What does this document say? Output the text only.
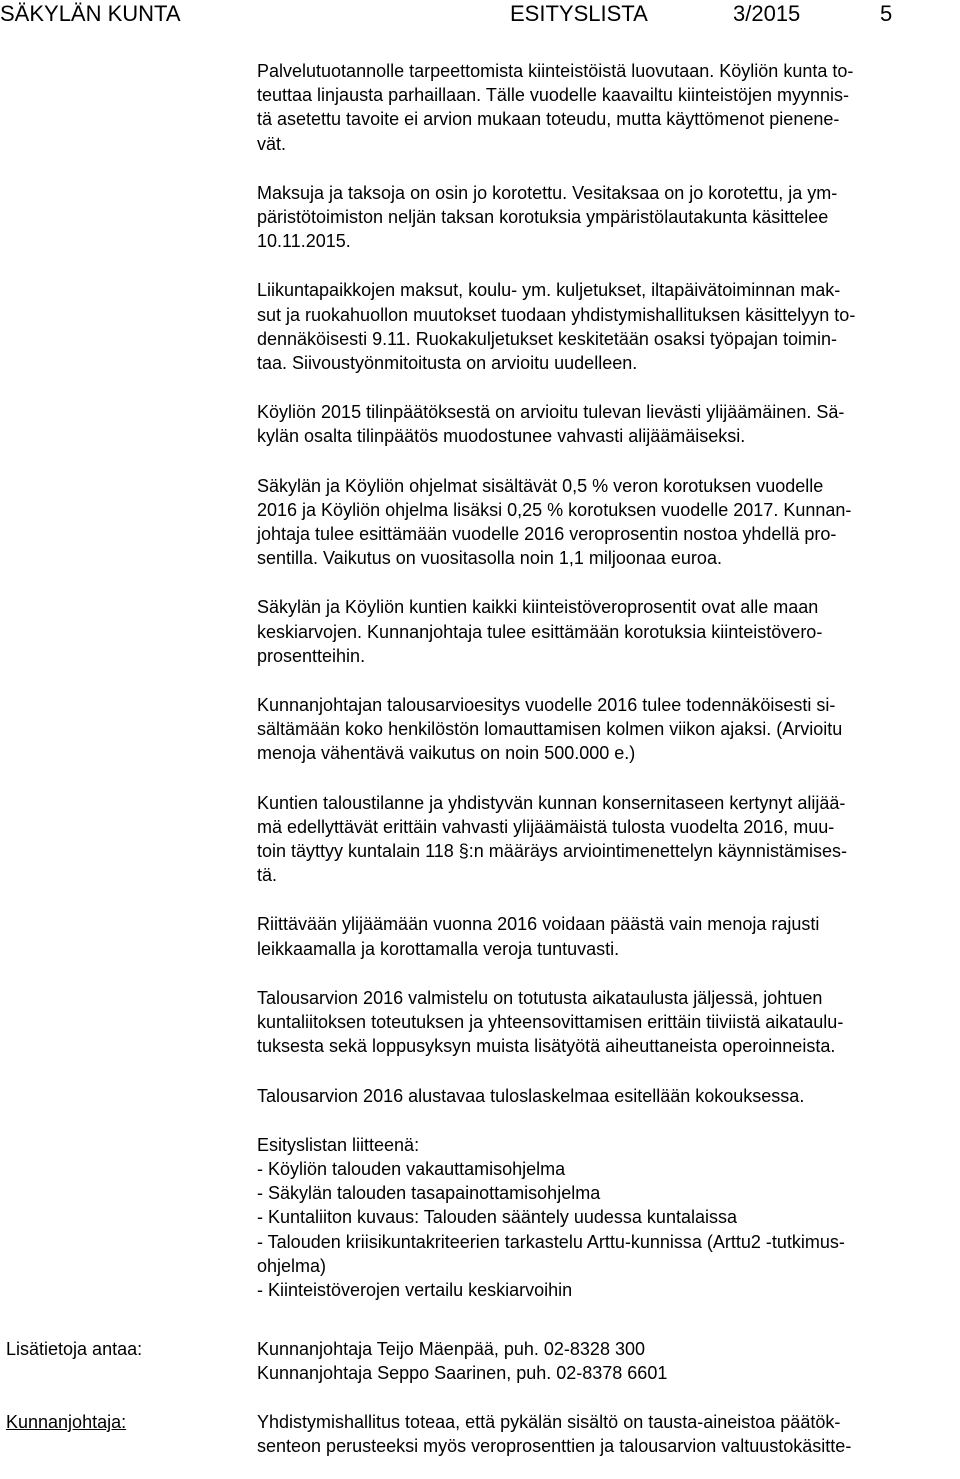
SÄKYLÄN KUNTA	ESITYSLISTA	3/2015	5
Palvelutuotannolle tarpeettomista kiinteistöistä luovutaan. Köyliön kunta to-
teuttaa linjausta parhaillaan. Tälle vuodelle kaavailtu kiinteistöjen myynnis-
tä asetettu tavoite ei arvion mukaan toteudu, mutta käyttömenot pienene-
vät.
Maksuja ja taksoja on osin jo korotettu. Vesitaksaa on jo korotettu, ja ym-
päristötoimiston neljän taksan korotuksia ympäristölautakunta käsittelee
10.11.2015.
Liikuntapaikkojen maksut, koulu- ym. kuljetukset, iltapäivätoiminnan mak-
sut ja ruokahuollon muutokset tuodaan yhdistymishallituksen käsittelyyn to-
dennäköisesti 9.11. Ruokakuljetukset keskitetään osaksi työpajan toimin-
taa. Siivoustyönmitoitusta on arvioitu uudelleen.
Köyliön 2015 tilinpäätöksestä on arvioitu tulevan lievästi ylijäämäinen. Sä-
kylän osalta tilinpäätös muodostunee vahvasti alijäämäiseksi.
Säkylän ja Köyliön ohjelmat sisältävät 0,5 % veron korotuksen vuodelle
2016 ja Köyliön ohjelma lisäksi 0,25 % korotuksen vuodelle 2017. Kunnan-
johtaja tulee esittämään vuodelle 2016 veroprosentin nostoa yhdellä pro-
sentilla. Vaikutus on vuositasolla noin 1,1 miljoonaa euroa.
Säkylän ja Köyliön kuntien kaikki kiinteistöveroprosentit ovat alle maan
keskiarvojen. Kunnanjohtaja tulee esittämään korotuksia kiinteistövero-
prosentteihin.
Kunnanjohtajan talousarvioesitys vuodelle 2016 tulee todennäköisesti si-
sältämään koko henkilöstön lomauttamisen kolmen viikon ajaksi. (Arvioitu
menoja vähentävä vaikutus on noin 500.000 e.)
Kuntien taloustilanne ja yhdistyvän kunnan konsernitaseen kertynyt alijää-
mä edellyttävät erittäin vahvasti ylijäämäistä tulosta vuodelta 2016, muu-
toin täyttyy kuntalain 118 §:n määräys arviointimenettelyn käynnistämises-
tä.
Riittävään ylijäämään vuonna 2016 voidaan päästä vain menoja rajusti
leikkaamalla ja korottamalla veroja tuntuvasti.
Talousarvion 2016 valmistelu on totutusta aikataulusta jäljessä, johtuen
kuntaliitoksen toteutuksen ja yhteensovittamisen erittäin tiiviistä aikataulu-
tuksesta sekä loppusyksyn muista lisätyötä aiheuttaneista operoinneista.
Talousarvion 2016 alustavaa tuloslaskelmaa esitellään kokouksessa.
Esityslistan liitteenä:
- Köyliön talouden vakauttamisohjelma
- Säkylän talouden tasapainottamisohjelma
- Kuntaliiton kuvaus: Talouden sääntely uudessa kuntalaissa
- Talouden kriisikuntakriteerien tarkastelu Arttu-kunnissa (Arttu2 -tutkimus-
ohjelma)
- Kiinteistöverojen vertailu keskiarvoihin
Lisätietoja antaa:	Kunnanjohtaja Teijo Mäenpää, puh. 02-8328 300
Kunnanjohtaja Seppo Saarinen, puh. 02-8378 6601
Kunnanjohtaja:	Yhdistymishallitus toteaa, että pykälän sisältö on tausta-aineistoa päätök-
senteon perusteeksi myös veroprosenttien ja talousarvion valtuustokäsitte-
